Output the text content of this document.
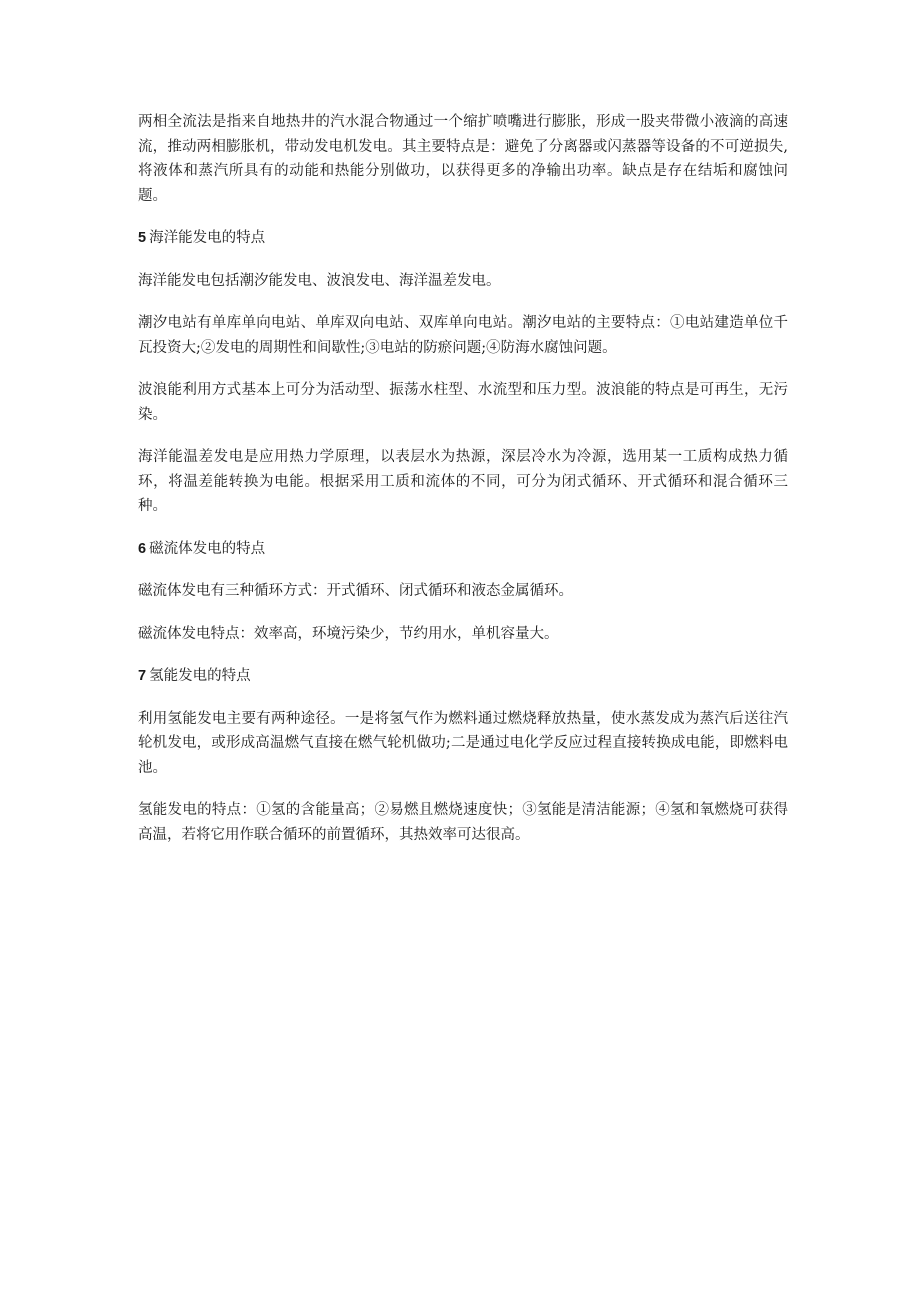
两相全流法是指来自地热井的汽水混合物通过一个缩扩喷嘴进行膨胀，形成一股夹带微小液滴的高速流，推动两相膨胀机，带动发电机发电。其主要特点是：避免了分离器或闪蒸器等设备的不可逆损失,将液体和蒸汽所具有的动能和热能分别做功，以获得更多的净输出功率。缺点是存在结垢和腐蚀问题。

5 海洋能发电的特点

海洋能发电包括潮汐能发电、波浪发电、海洋温差发电。

潮汐电站有单库单向电站、单库双向电站、双库单向电站。潮汐电站的主要特点：①电站建造单位千瓦投资大;②发电的周期性和间歇性;③电站的防瘀问题;④防海水腐蚀问题。

波浪能利用方式基本上可分为活动型、振荡水柱型、水流型和压力型。波浪能的特点是可再生，无污染。

海洋能温差发电是应用热力学原理，以表层水为热源，深层冷水为冷源，选用某一工质构成热力循环，将温差能转换为电能。根据采用工质和流体的不同，可分为闭式循环、开式循环和混合循环三种。

6 磁流体发电的特点

磁流体发电有三种循环方式：开式循环、闭式循环和液态金属循环。

磁流体发电特点：效率高，环境污染少，节约用水，单机容量大。

7 氢能发电的特点

利用氢能发电主要有两种途径。一是将氢气作为燃料通过燃烧释放热量，使水蒸发成为蒸汽后送往汽轮机发电，或形成高温燃气直接在燃气轮机做功;二是通过电化学反应过程直接转换成电能，即燃料电池。

氢能发电的特点：①氢的含能量高；②易燃且燃烧速度快；③氢能是清洁能源；④氢和氧燃烧可获得高温，若将它用作联合循环的前置循环，其热效率可达很高。
